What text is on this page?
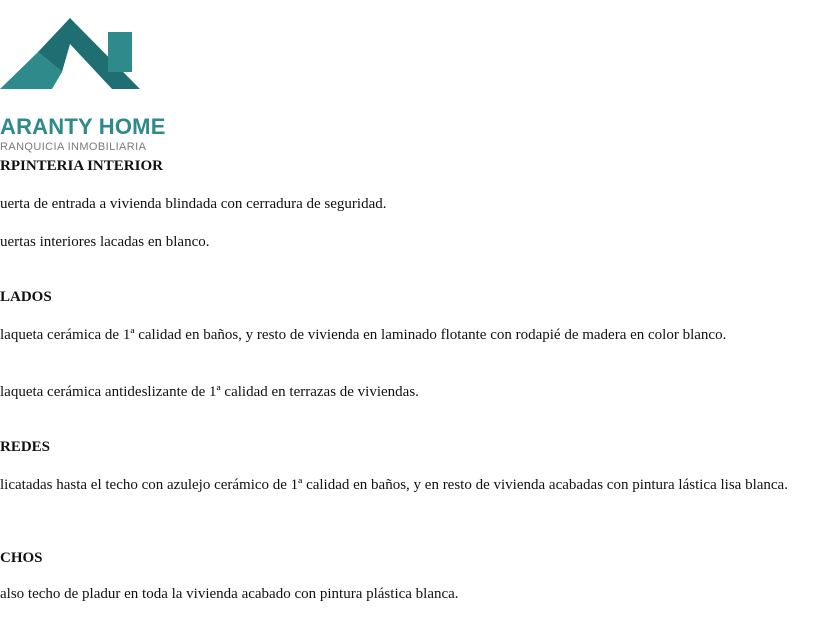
ARANTY HOME

RANQUICIA INMOBILIARIA

RPINTERIA INTERIOR

uerta de entrada a vivienda blindada con cerradura de seguridad.

uertas interiores lacadas en blanco.

LADOS

laqueta cerámica de 1ª calidad en baños, y resto de vivienda en laminado flotante con rodapié de madera en color blanco.

laqueta cerámica antideslizante de 1ª calidad en terrazas de viviendas.

REDES

licatadas hasta el techo con azulejo cerámico de 1ª calidad en baños, y en resto de vivienda acabadas con pintura lástica lisa blanca.

CHOS

also techo de pladur en toda la vivienda acabado con pintura plástica blanca.
